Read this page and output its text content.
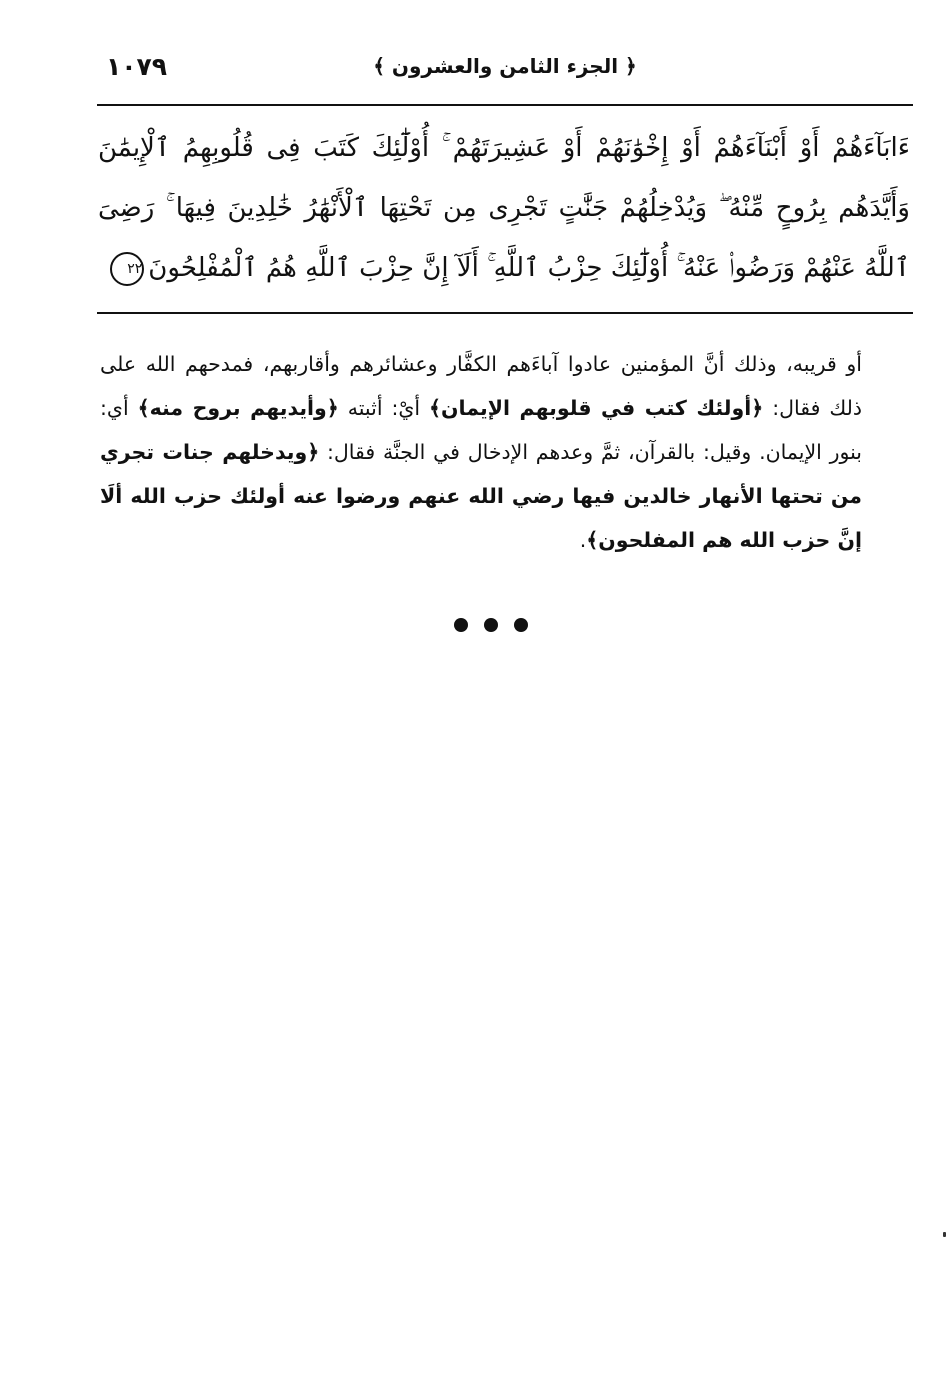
١٠٧٩	﴿ الجزء الثامن والعشرون ﴾
ءَابَآءَهُمْ أَوْ أَبْنَآءَهُمْ أَوْ إِخْوَٰنَهُمْ أَوْ عَشِيرَتَهُمْ ۚ أُوْلَٰٓئِكَ كَتَبَ فِى قُلُوبِهِمُ ٱلْإِيمَٰنَ وَأَيَّدَهُم بِرُوحٍ مِّنْهُ ۖ وَيُدْخِلُهُمْ جَنَّٰتٍ تَجْرِى مِن تَحْتِهَا ٱلْأَنْهَٰرُ خَٰلِدِينَ فِيهَا ۚ رَضِىَ ٱللَّهُ عَنْهُمْ وَرَضُوا۟ عَنْهُ ۚ أُوْلَٰٓئِكَ حِزْبُ ٱللَّهِ ۚ أَلَآ إِنَّ حِزْبَ ٱللَّهِ هُمُ ٱلْمُفْلِحُونَ٢٢
أو قريبه، وذلك أنَّ المؤمنين عادوا آباءَهم الكفَّار وعشائرهم وأقاربهم، فمدحهم الله على ذلك فقال: ﴿أولئك كتب في قلوبهم الإيمان﴾ أيْ: أثبته ﴿وأيديهم بروح منه﴾ أي: بنور الإيمان. وقيل: بالقرآن، ثمَّ وعدهم الإدخال في الجنَّة فقال: ﴿ويدخلهم جنات تجري من تحتها الأنهار خالدين فيها رضي الله عنهم ورضوا عنه أولئك حزب الله ألَا إنَّ حزب الله هم المفلحون﴾.
